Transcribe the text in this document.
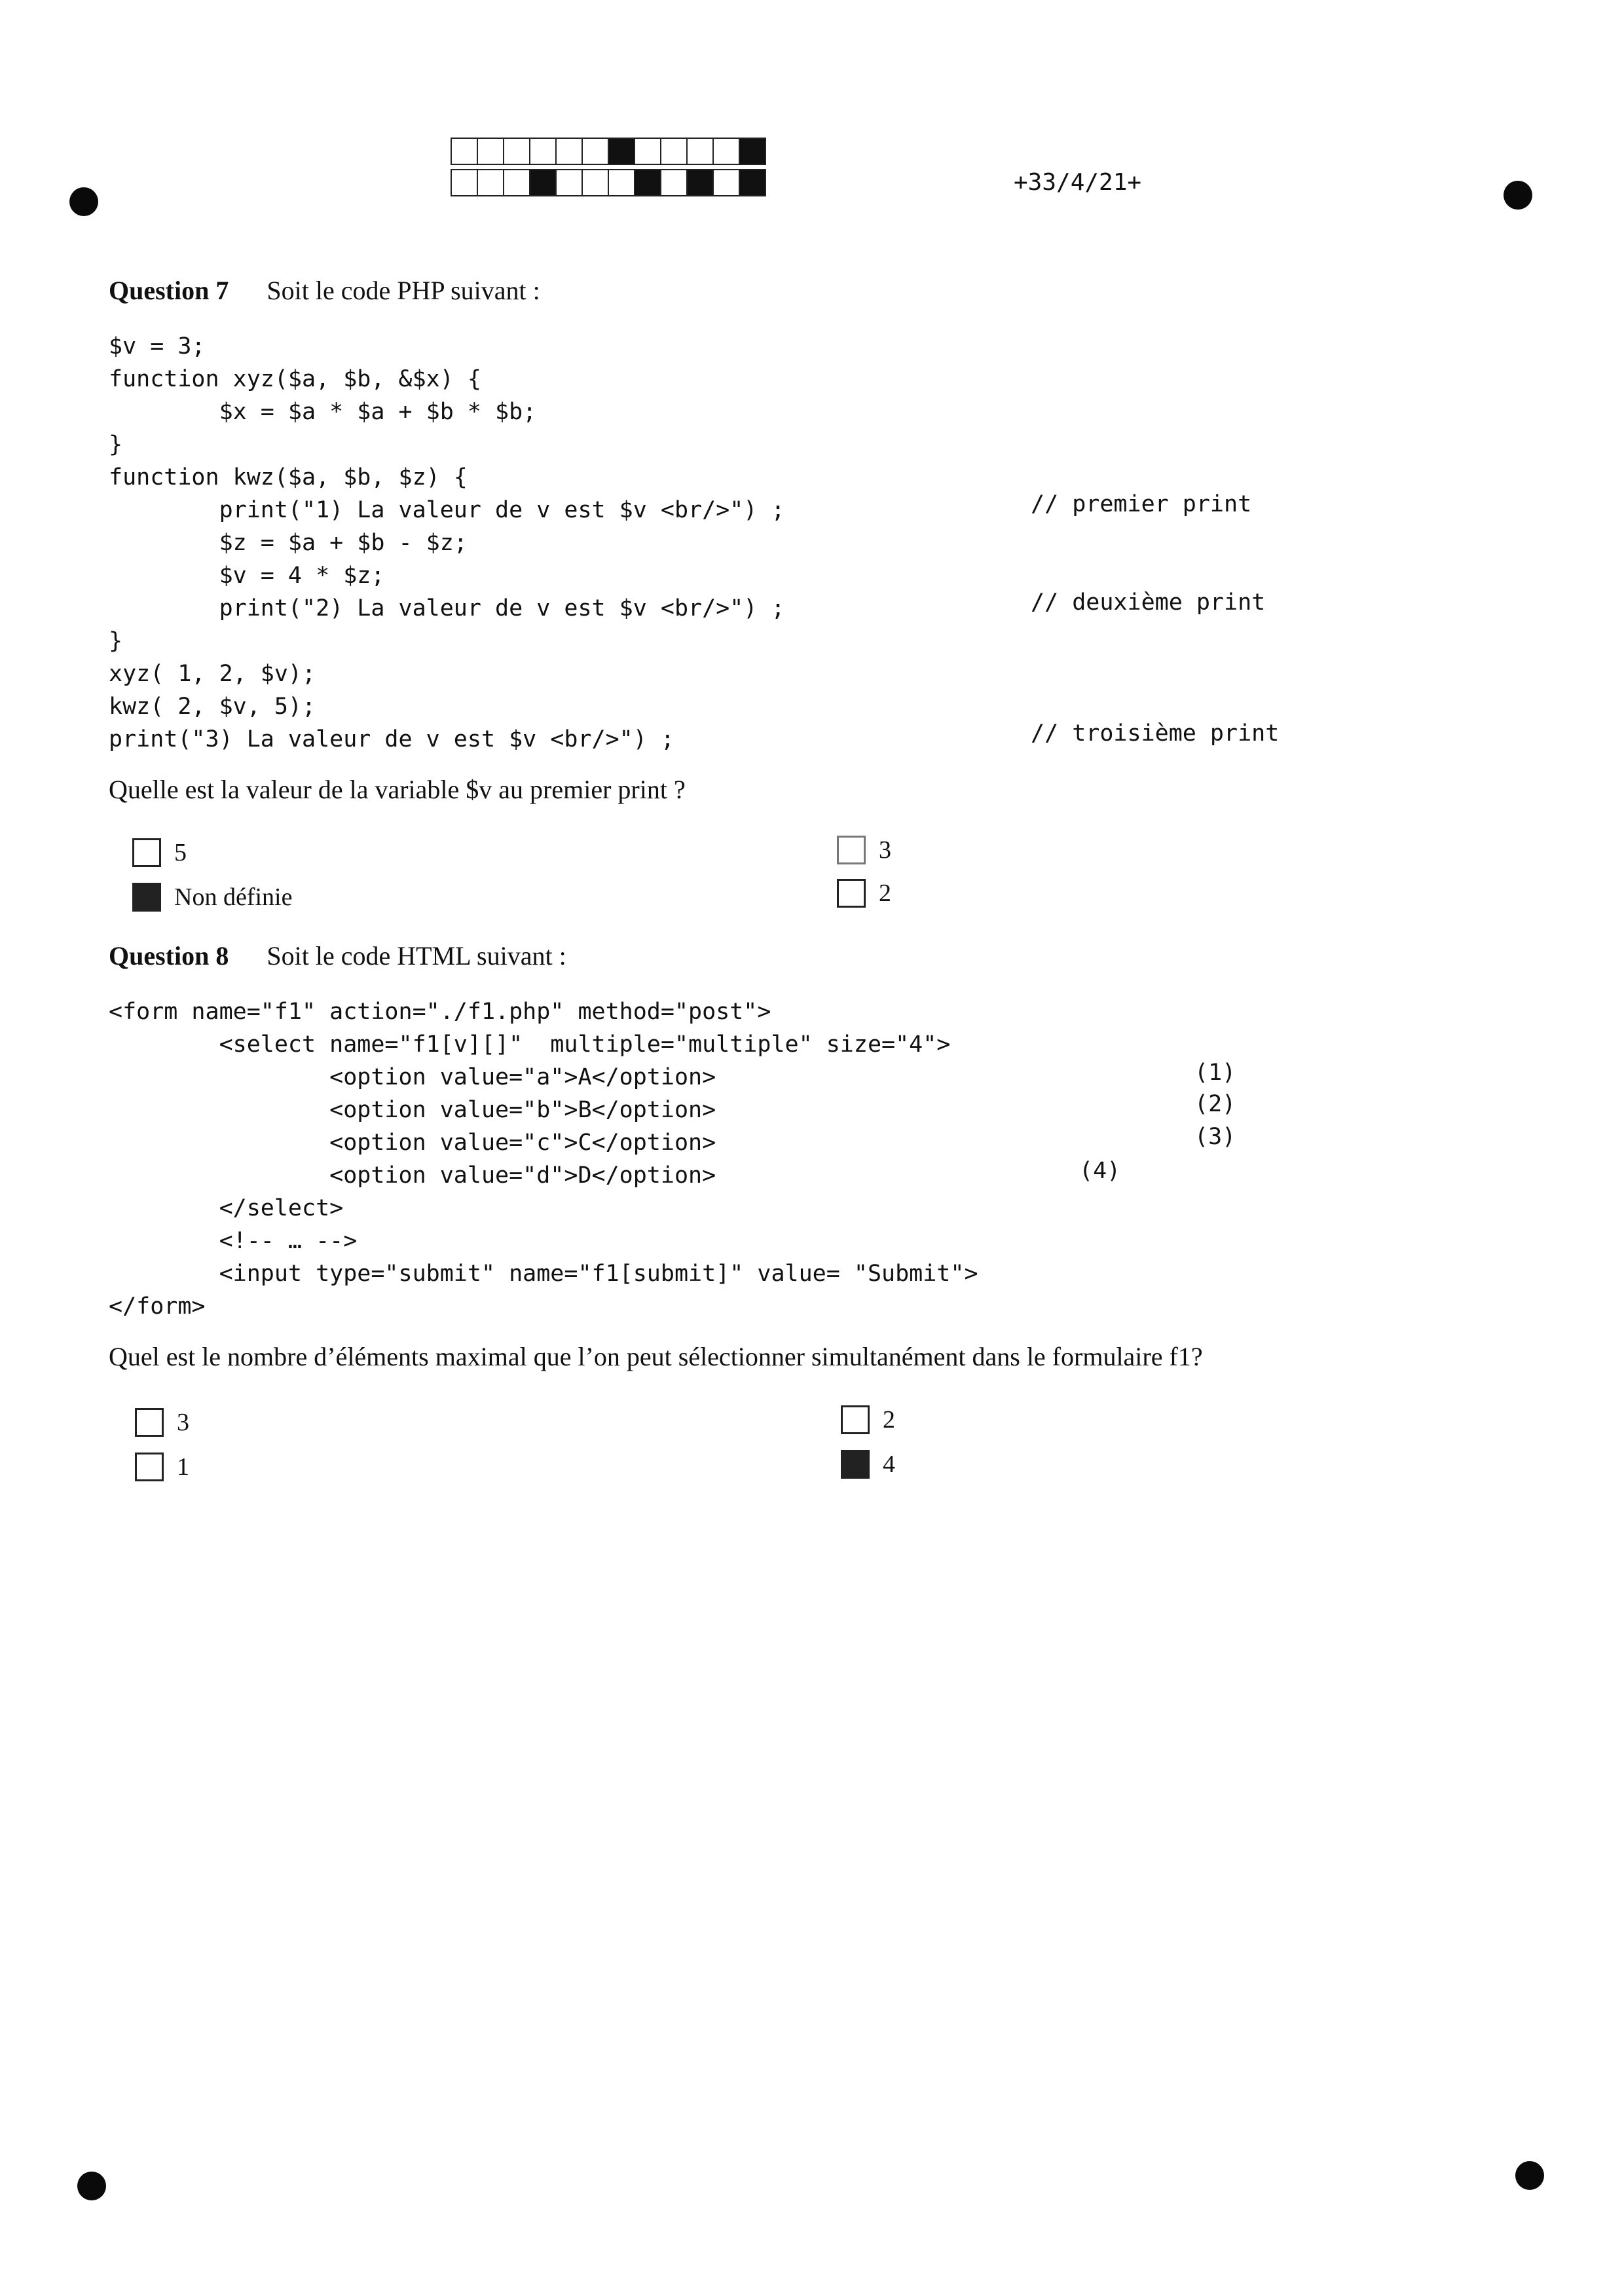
+33/4/21+
Question 7 Soit le code PHP suivant :
$v = 3;
function xyz($a, $b, &$x) {
$x = $a * $a + $b * $b;
}
function kwz($a, $b, $z) {
print("1) La valeur de v est $v <br/>") ;
$z = $a + $b - $z;
$v = 4 * $z;
print("2) La valeur de v est $v <br/>") ;
}
xyz( 1, 2, $v);
kwz( 2, $v, 5);
print("3) La valeur de v est $v <br/>") ;
// premier print
// deuxième print
// troisième print
Quelle est la valeur de la variable $v au premier print ?
5
Non définie
3
2
Question 8 Soit le code HTML suivant :
<form name="f1" action="./f1.php" method="post">
<select name="f1[v][]"  multiple="multiple" size="4">
<option value="a">A</option>
<option value="b">B</option>
<option value="c">C</option>
<option value="d">D</option>
</select>
<!-- … -->
<input type="submit" name="f1[submit]" value= "Submit">
</form>
(1)
(2)
(3)
(4)
Quel est le nombre d’éléments maximal que l’on peut sélectionner simultanément dans le formulaire f1?
3
1
2
4
